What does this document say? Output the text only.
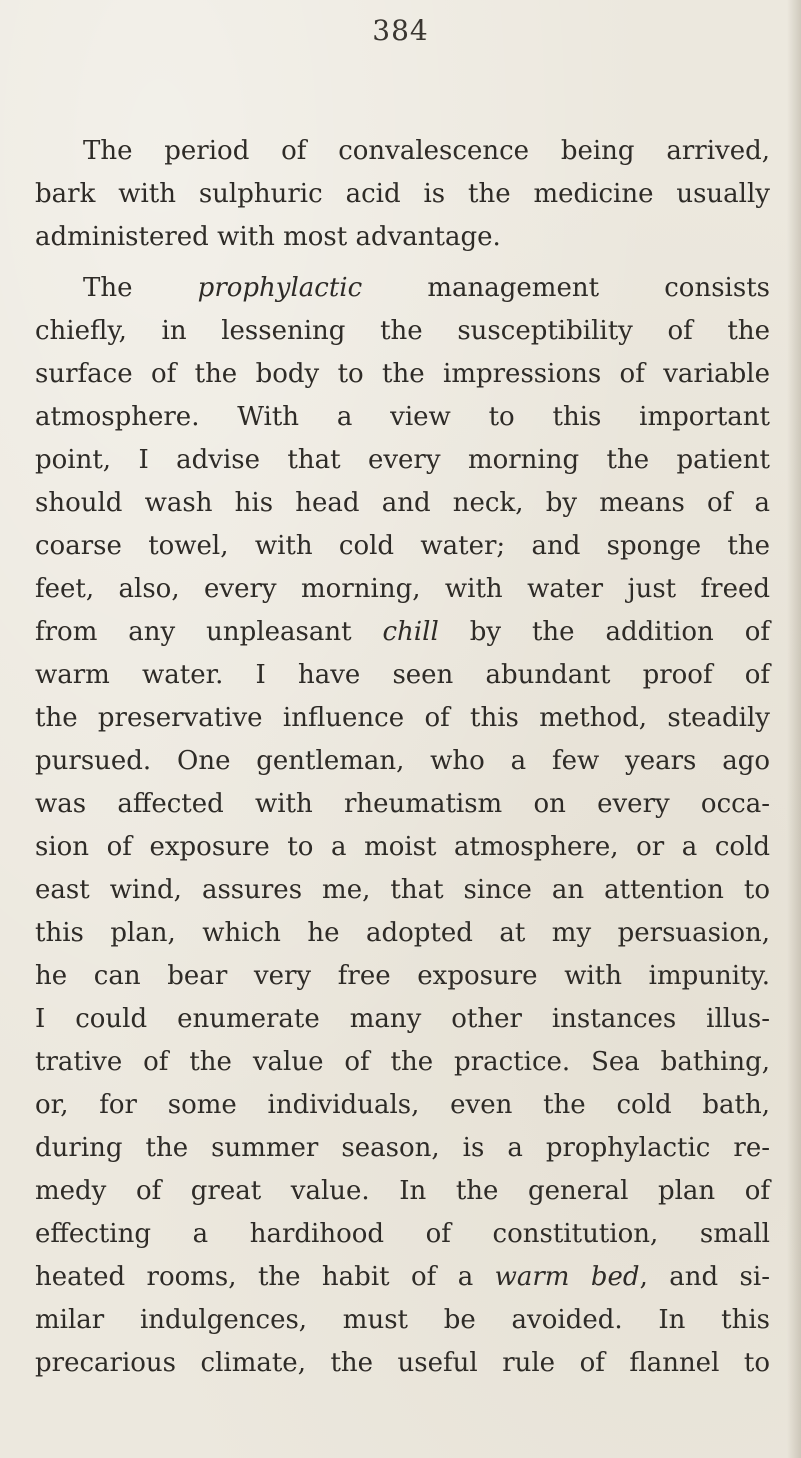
384
The period of convalescence being arrived,
bark with sulphuric acid is the medicine usually
administered with most advantage.
The prophylactic management consists
chiefly, in lessening the susceptibility of the
surface of the body to the impressions of variable
atmosphere. With a view to this important
point, I advise that every morning the patient
should wash his head and neck, by means of a
coarse towel, with cold water; and sponge the
feet, also, every morning, with water just freed
from any unpleasant chill by the addition of
warm water. I have seen abundant proof of
the preservative influence of this method, steadily
pursued. One gentleman, who a few years ago
was affected with rheumatism on every occa-
sion of exposure to a moist atmosphere, or a cold
east wind, assures me, that since an attention to
this plan, which he adopted at my persuasion,
he can bear very free exposure with impunity.
I could enumerate many other instances illus-
trative of the value of the practice. Sea bathing,
or, for some individuals, even the cold bath,
during the summer season, is a prophylactic re-
medy of great value. In the general plan of
effecting a hardihood of constitution, small
heated rooms, the habit of a warm bed, and si-
milar indulgences, must be avoided. In this
precarious climate, the useful rule of flannel to
